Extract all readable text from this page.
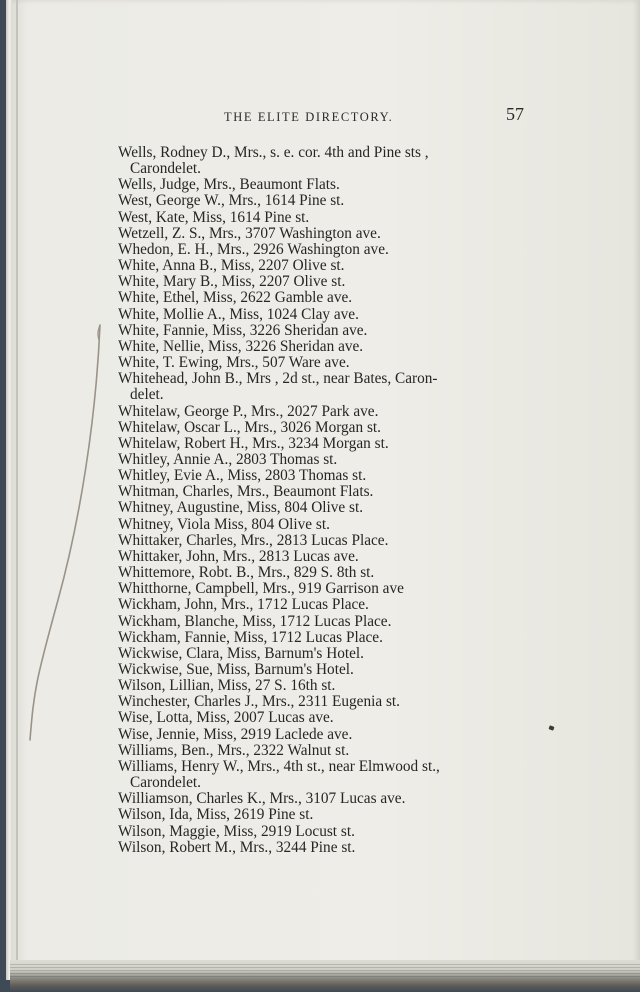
THE ELITE DIRECTORY.	57
Wells, Rodney D., Mrs., s. e. cor. 4th and Pine sts ,
Carondelet.
Wells, Judge, Mrs., Beaumont Flats.
West, George W., Mrs., 1614 Pine st.
West, Kate, Miss, 1614 Pine st.
Wetzell, Z. S., Mrs., 3707 Washington ave.
Whedon, E. H., Mrs., 2926 Washington ave.
White, Anna B., Miss, 2207 Olive st.
White, Mary B., Miss, 2207 Olive st.
White, Ethel, Miss, 2622 Gamble ave.
White, Mollie A., Miss, 1024 Clay ave.
White, Fannie, Miss, 3226 Sheridan ave.
White, Nellie, Miss, 3226 Sheridan ave.
White, T. Ewing, Mrs., 507 Ware ave.
Whitehead, John B., Mrs , 2d st., near Bates, Caron-
delet.
Whitelaw, George P., Mrs., 2027 Park ave.
Whitelaw, Oscar L., Mrs., 3026 Morgan st.
Whitelaw, Robert H., Mrs., 3234 Morgan st.
Whitley, Annie A., 2803 Thomas st.
Whitley, Evie A., Miss, 2803 Thomas st.
Whitman, Charles, Mrs., Beaumont Flats.
Whitney, Augustine, Miss, 804 Olive st.
Whitney, Viola Miss, 804 Olive st.
Whittaker, Charles, Mrs., 2813 Lucas Place.
Whittaker, John, Mrs., 2813 Lucas ave.
Whittemore, Robt. B., Mrs., 829 S. 8th st.
Whitthorne, Campbell, Mrs., 919 Garrison ave
Wickham, John, Mrs., 1712 Lucas Place.
Wickham, Blanche, Miss, 1712 Lucas Place.
Wickham, Fannie, Miss, 1712 Lucas Place.
Wickwise, Clara, Miss, Barnum's Hotel.
Wickwise, Sue, Miss, Barnum's Hotel.
Wilson, Lillian, Miss, 27 S. 16th st.
Winchester, Charles J., Mrs., 2311 Eugenia st.
Wise, Lotta, Miss, 2007 Lucas ave.
Wise, Jennie, Miss, 2919 Laclede ave.
Williams, Ben., Mrs., 2322 Walnut st.
Williams, Henry W., Mrs., 4th st., near Elmwood st.,
Carondelet.
Williamson, Charles K., Mrs., 3107 Lucas ave.
Wilson, Ida, Miss, 2619 Pine st.
Wilson, Maggie, Miss, 2919 Locust st.
Wilson, Robert M., Mrs., 3244 Pine st.
